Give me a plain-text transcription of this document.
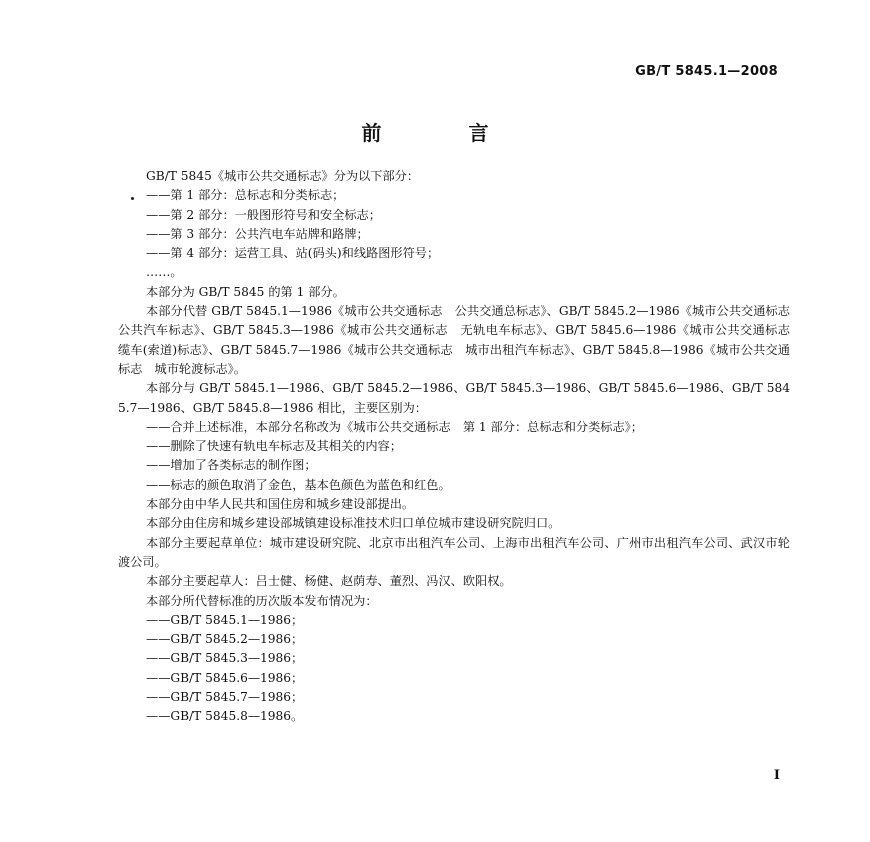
GB/T 5845.1—2008
前 言

GB/T 5845《城市公共交通标志》分为以下部分：

——第 1 部分：总标志和分类标志；

——第 2 部分：一般图形符号和安全标志；

——第 3 部分：公共汽电车站牌和路牌；

——第 4 部分：运营工具、站(码头)和线路图形符号；

……。

本部分为 GB/T 5845 的第 1 部分。

本部分代替 GB/T 5845.1—1986《城市公共交通标志　公共交通总标志》、GB/T 5845.2—1986《城市公共交通标志　公共汽车标志》、GB/T 5845.3—1986《城市公共交通标志　无轨电车标志》、GB/T 5845.6—1986《城市公共交通标志　缆车(索道)标志》、GB/T 5845.7—1986《城市公共交通标志　城市出租汽车标志》、GB/T 5845.8—1986《城市公共交通标志　城市轮渡标志》。

本部分与 GB/T 5845.1—1986、GB/T 5845.2—1986、GB/T 5845.3—1986、GB/T 5845.6—1986、GB/T 5845.7—1986、GB/T 5845.8—1986 相比，主要区别为：

——合并上述标准，本部分名称改为《城市公共交通标志　第 1 部分：总标志和分类标志》；

——删除了快速有轨电车标志及其相关的内容；

——增加了各类标志的制作图；

——标志的颜色取消了金色，基本色颜色为蓝色和红色。

本部分由中华人民共和国住房和城乡建设部提出。

本部分由住房和城乡建设部城镇建设标准技术归口单位城市建设研究院归口。

本部分主要起草单位：城市建设研究院、北京市出租汽车公司、上海市出租汽车公司、广州市出租汽车公司、武汉市轮渡公司。

本部分主要起草人：吕士健、杨健、赵荫寿、董烈、冯汉、欧阳权。

本部分所代替标准的历次版本发布情况为：

——GB/T 5845.1—1986；

——GB/T 5845.2—1986；

——GB/T 5845.3—1986；

——GB/T 5845.6—1986；

——GB/T 5845.7—1986；

——GB/T 5845.8—1986。

I
